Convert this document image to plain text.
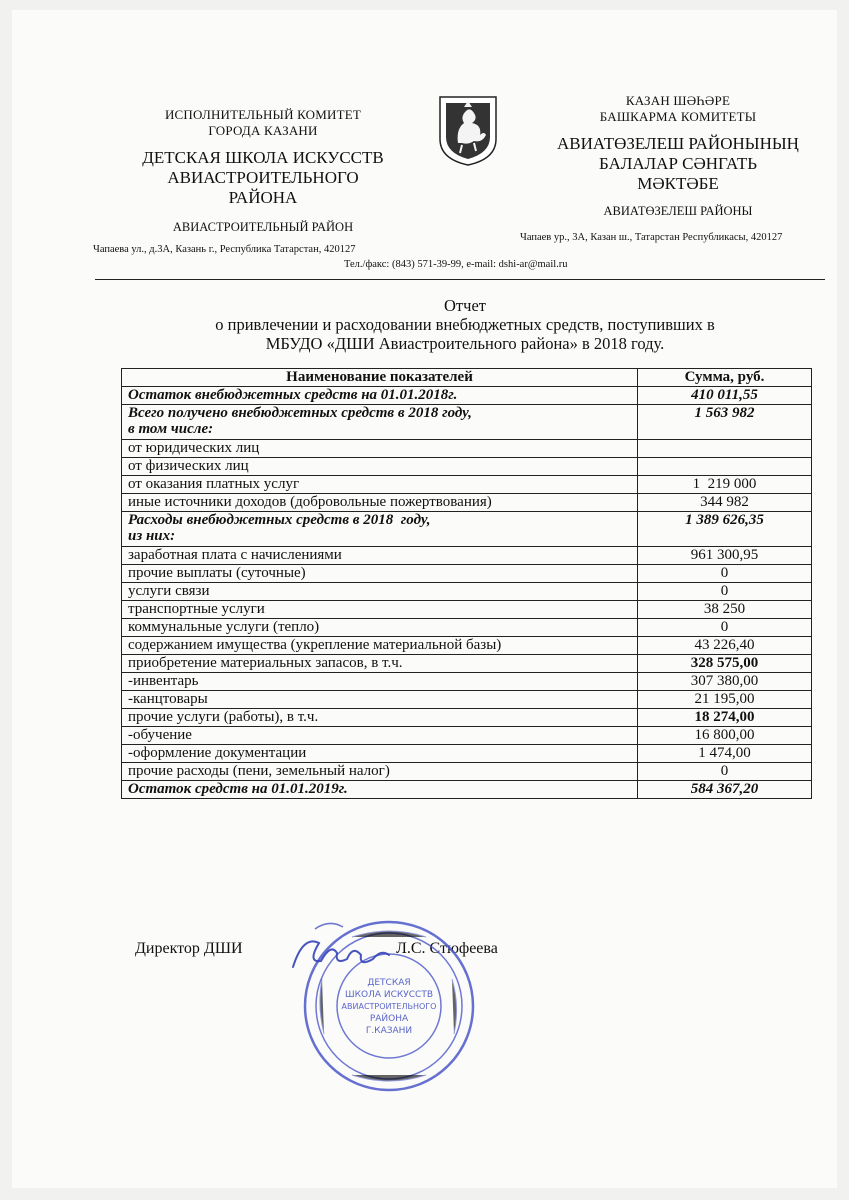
ИСПОЛНИТЕЛЬНЫЙ КОМИТЕТ
ГОРОДА КАЗАНИ
ДЕТСКАЯ ШКОЛА ИСКУССТВ
АВИАСТРОИТЕЛЬНОГО
РАЙОНА
АВИАСТРОИТЕЛЬНЫЙ РАЙОН
КАЗАН ШӘҺӘРЕ
БАШКАРМА КОМИТЕТЫ
АВИАТӨЗЕЛЕШ РАЙОНЫНЫҢ
БАЛАЛАР СӘНГАТЬ
МӘКТӘБЕ
АВИАТӨЗЕЛЕШ РАЙОНЫ
Чапаев ур., 3А, Казан ш., Татарстан Республикасы, 420127
Чапаева ул., д.3А, Казань г., Республика Татарстан, 420127
Тел./факс: (843) 571-39-99, e-mail: dshi-ar@mail.ru
Отчет
о привлечении и расходовании внебюджетных средств, поступивших в
МБУДО «ДШИ Авиастроительного района» в 2018 году.
Наименование показателей	Сумма, руб.
Остаток внебюджетных средств на 01.01.2018г.	410 011,55

Всего получено внебюджетных средств в 2018 году,
в том числе:	1 563 982
от юридических лиц	
от физических лиц	
от оказания платных услуг	1  219 000
иные источники доходов (добровольные пожертвования)	344 982

Расходы внебюджетных средств в 2018  году,
из них:	1 389 626,35
заработная плата с начислениями	961 300,95
прочие выплаты (суточные)	0
услуги связи	0
транспортные услуги	38 250
коммунальные услуги (тепло)	0
содержанием имущества (укрепление материальной базы)	43 226,40
приобретение материальных запасов, в т.ч.	328 575,00
-инвентарь	307 380,00
-канцтовары	21 195,00
прочие услуги (работы), в т.ч.	18 274,00
-обучение	16 800,00
-оформление документации	1 474,00
прочие расходы (пени, земельный налог)	0
Остаток средств на 01.01.2019г.	584 367,20
Директор ДШИ	Л.С. Стюфеева
ДЕТСКАЯ
ШКОЛА ИСКУССТВ
АВИАСТРОИТЕЛЬНОГО
РАЙОНА
Г.КАЗАНИ
